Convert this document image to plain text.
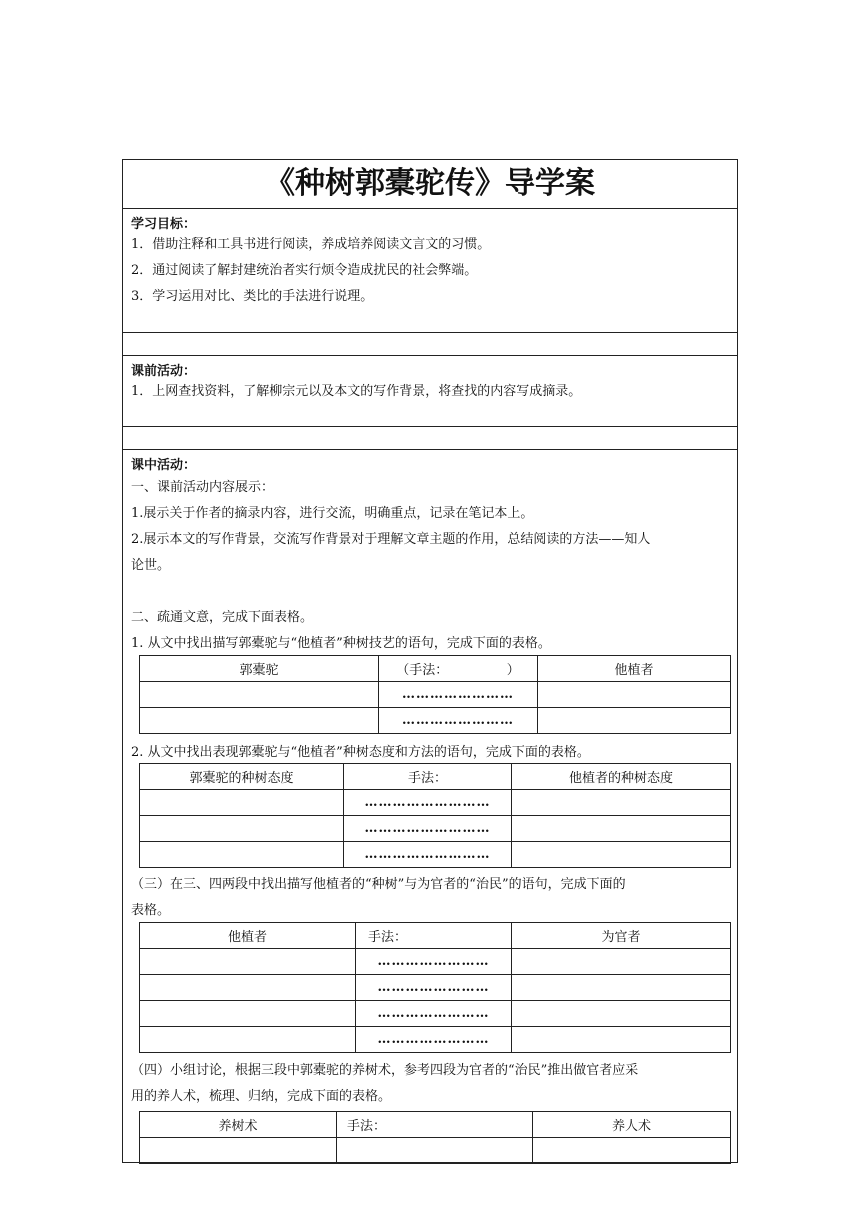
《种树郭橐驼传》导学案
学习目标：
1．借助注释和工具书进行阅读，养成培养阅读文言文的习惯。
2．通过阅读了解封建统治者实行烦令造成扰民的社会弊端。
3．学习运用对比、类比的手法进行说理。
课前活动：
1．上网查找资料，了解柳宗元以及本文的写作背景，将查找的内容写成摘录。
课中活动：
一、课前活动内容展示：
1.展示关于作者的摘录内容，进行交流，明确重点，记录在笔记本上。
2.展示本文的写作背景，交流写作背景对于理解文章主题的作用，总结阅读的方法——知人
论世。
二、疏通文意，完成下面表格。
1. 从文中找出描写郭橐驼与“他植者”种树技艺的语句，完成下面的表格。
郭橐驼	（手法：　　　　　）	他植者
	……………………	
	……………………	
2. 从文中找出表现郭橐驼与“他植者”种树态度和方法的语句，完成下面的表格。
郭橐驼的种树态度	手法：	他植者的种树态度
	………………………	
	………………………	
	………………………	
（三）在三、四两段中找出描写他植者的“种树”与为官者的“治民”的语句，完成下面的
表格。
他植者	手法：	为官者
	……………………	
	……………………	
	……………………	
	……………………	
（四）小组讨论，根据三段中郭橐驼的养树术，参考四段为官者的“治民”推出做官者应采
用的养人术，梳理、归纳，完成下面的表格。
养树术	手法：	养人术
